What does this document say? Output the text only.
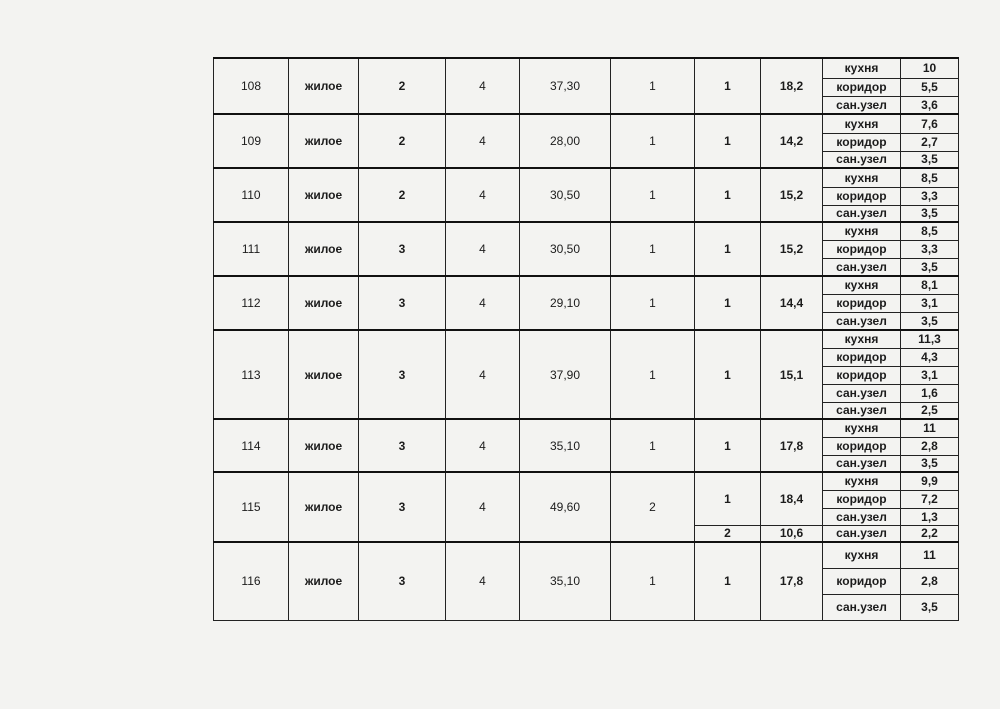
108	жилое	2	4	37,30	1	1	18,2	кухня	10
								коридор	5,5
								сан.узел	3,6
109	жилое	2	4	28,00	1	1	14,2	кухня	7,6
								коридор	2,7
								сан.узел	3,5
110	жилое	2	4	30,50	1	1	15,2	кухня	8,5
								коридор	3,3
								сан.узел	3,5
111	жилое	3	4	30,50	1	1	15,2	кухня	8,5
								коридор	3,3
								сан.узел	3,5
112	жилое	3	4	29,10	1	1	14,4	кухня	8,1
								коридор	3,1
								сан.узел	3,5
113	жилое	3	4	37,90	1	1	15,1	кухня	11,3
								коридор	4,3
								коридор	3,1
								сан.узел	1,6
								сан.узел	2,5
114	жилое	3	4	35,10	1	1	17,8	кухня	11
								коридор	2,8
								сан.узел	3,5
115	жилое	3	4	49,60	2	1	18,4	кухня	9,9
								коридор	7,2
								сан.узел	1,3
						2	10,6	сан.узел	2,2
116	жилое	3	4	35,10	1	1	17,8	кухня	11
								коридор	2,8
								сан.узел	3,5
